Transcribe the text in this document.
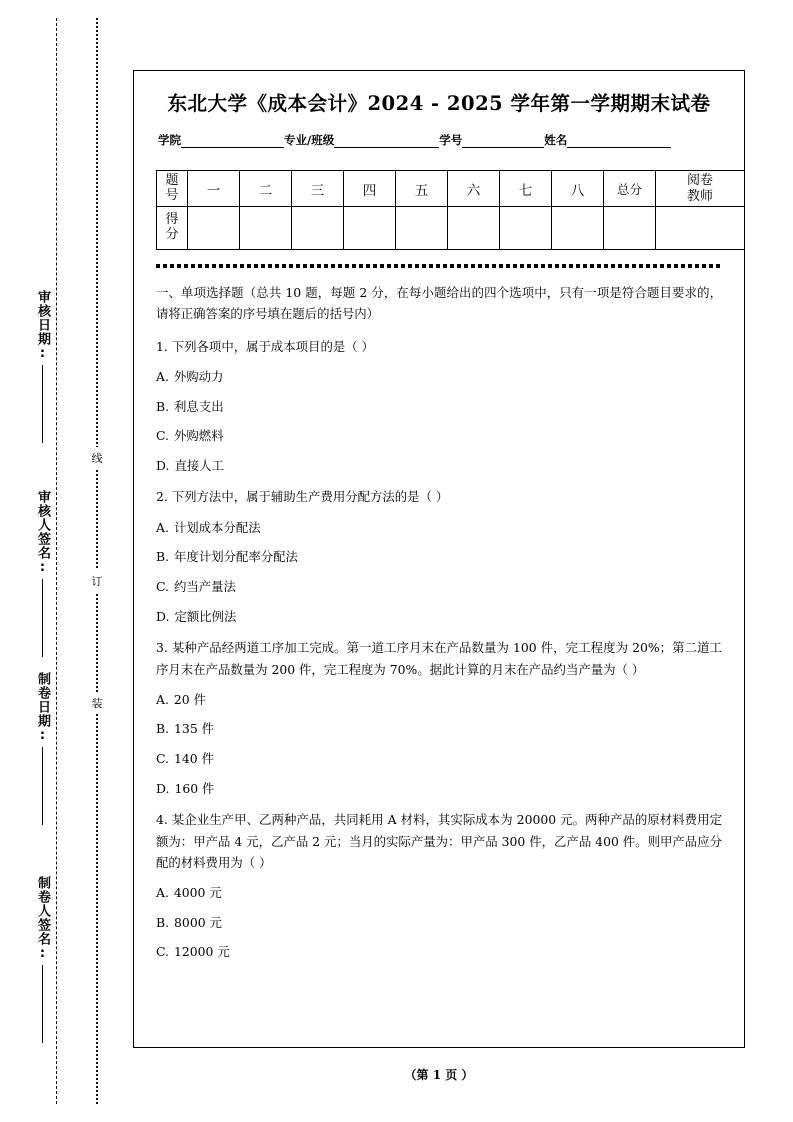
审核日期:
审核人签名:
制卷日期:
制卷人签名:
线
订
装
东北大学《成本会计》2024 - 2025 学年第一学期期末试卷
学院	专业/班级	学号	姓名
题
号	一	二	三	四	五	六	七	八	总分	阅卷
教师

得
分										

一、单项选择题（总共 10 题，每题 2 分，在每小题给出的四个选项中，只有一项是符合题目要求的，请将正确答案的序号填在题后的括号内）
1. 下列各项中，属于成本项目的是（ ）
A. 外购动力
B. 利息支出
C. 外购燃料
D. 直接人工
2. 下列方法中，属于辅助生产费用分配方法的是（ ）
A. 计划成本分配法
B. 年度计划分配率分配法
C. 约当产量法
D. 定额比例法
3. 某种产品经两道工序加工完成。第一道工序月末在产品数量为 100 件，完工程度为 20%；第二道工序月末在产品数量为 200 件，完工程度为 70%。据此计算的月末在产品约当产量为（ ）
A. 20 件
B. 135 件
C. 140 件
D. 160 件
4. 某企业生产甲、乙两种产品，共同耗用 A 材料，其实际成本为 20000 元。两种产品的原材料费用定额为：甲产品 4 元，乙产品 2 元；当月的实际产量为：甲产品 300 件，乙产品 400 件。则甲产品应分配的材料费用为（ ）
A. 4000 元
B. 8000 元
C. 12000 元
（第 1 页 ）
